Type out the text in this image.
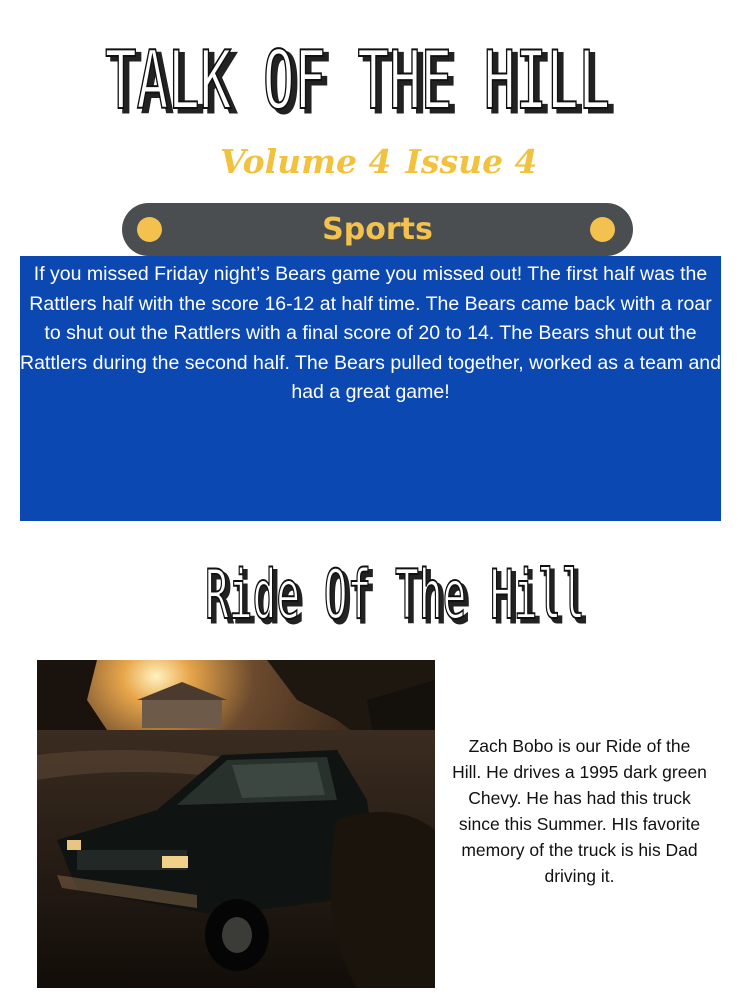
TALK OF THE HILL
TALK OF THE HILL
Volume 4 Issue 4
Sports

If you missed Friday night’s Bears game you missed out! The first half was the Rattlers half with the score 16-12 at half time. The Bears came back with a roar to shut out the Rattlers with a final score of 20 to 14. The Bears shut out the Rattlers during the second half. The Bears pulled together, worked as a team and had a great game!

Ride Of The Hill
Ride Of The Hill

Zach Bobo is our Ride of the Hill. He drives a 1995 dark green Chevy. He has had this truck since this Summer. HIs favorite memory of the truck is his Dad driving it.
